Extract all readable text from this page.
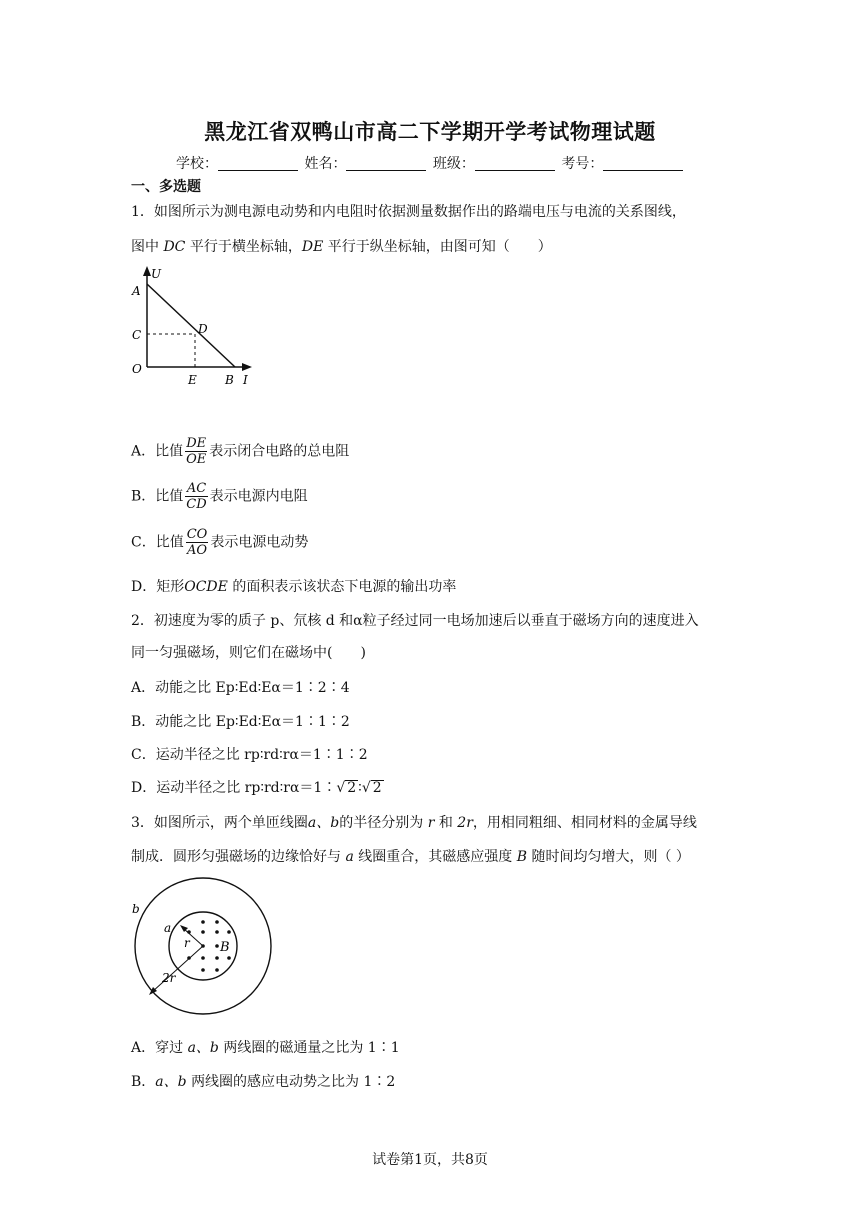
黑龙江省双鸭山市高二下学期开学考试物理试题
学校：	姓名：	班级：	考号：
一、多选题
1．如图所示为测电源电动势和内电阻时依据测量数据作出的路端电压与电流的关系图线，
图中 DC 平行于横坐标轴，DE 平行于纵坐标轴，由图可知（　　）
U
A
C	D
O
E B I
A．比值 $\frac{DE}{OE}$ 表示闭合电路的总电阻
B．比值 $\frac{AC}{CD}$ 表示电源内电阻
C．比值 $\frac{CO}{AO}$ 表示电源电动势
D．矩形OCDE 的面积表示该状态下电源的输出功率
2．初速度为零的质子 p、氘核 d 和α粒子经过同一电场加速后以垂直于磁场方向的速度进入
同一匀强磁场，则它们在磁场中(　　)
A．动能之比 Ep∶Ed∶Eα＝1∶2∶4
B．动能之比 Ep∶Ed∶Eα＝1∶1∶2
C．运动半径之比 rp∶rd∶rα＝1∶1∶2
D．运动半径之比 rp∶rd∶rα＝1∶√ 2 ∶√ 2
3．如图所示，两个单匝线圈a、b的半径分别为 r 和 2r，用相同粗细、相同材料的金属导线
制成．圆形匀强磁场的边缘恰好与 a 线圈重合，其磁感应强度 B 随时间均匀增大，则（ ）
b
a
r B
2r
A．穿过 a、b 两线圈的磁通量之比为 1∶1
B．a、b 两线圈的感应电动势之比为 1∶2
试卷第1页，共8页
